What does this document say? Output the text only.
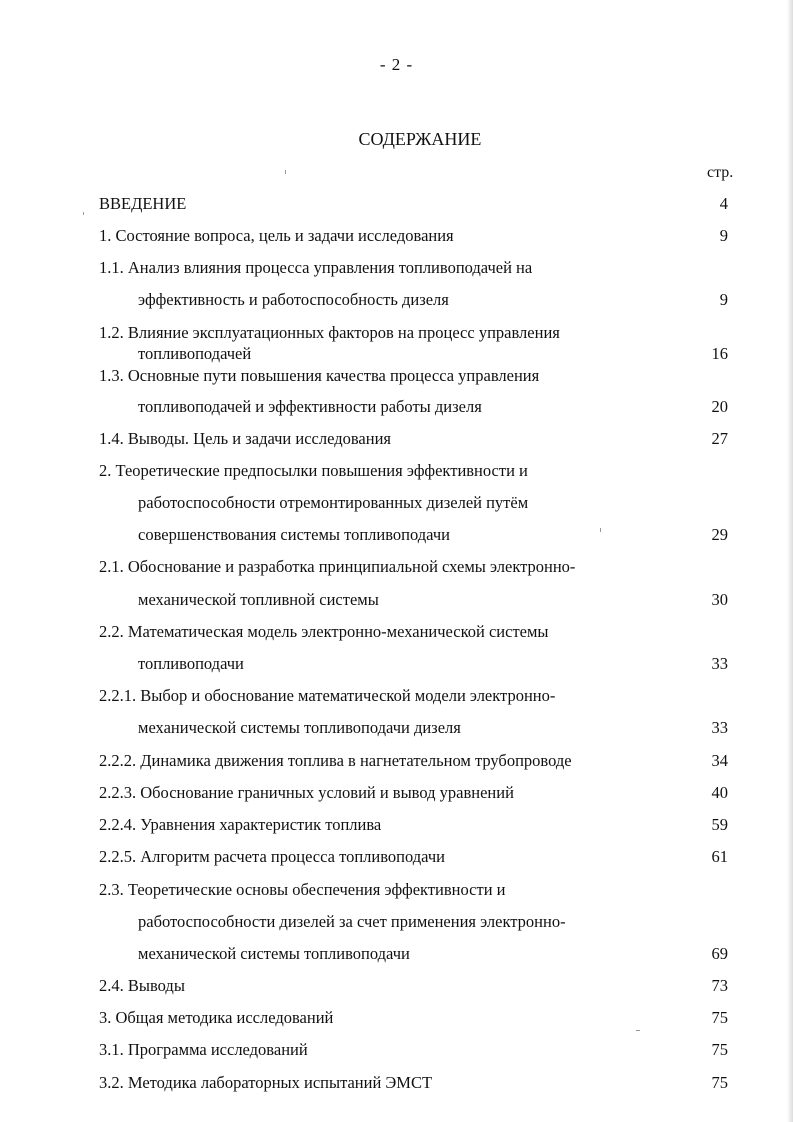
- 2 -
СОДЕРЖАНИЕ
стр.
ВВЕДЕНИЕ	4
1. Состояние вопроса, цель и задачи исследования	9
1.1. Анализ влияния процесса управления топливоподачей на
эффективность и работоспособность дизеля	9
1.2. Влияние эксплуатационных факторов на процесс управления
топливоподачей	16
1.3. Основные пути повышения качества процесса управления
топливоподачей и эффективности работы дизеля	20
1.4. Выводы. Цель и задачи исследования	27
2. Теоретические предпосылки повышения эффективности и
работоспособности отремонтированных дизелей путём
совершенствования системы топливоподачи	29
2.1. Обоснование и разработка принципиальной схемы электронно-
механической топливной системы	30
2.2. Математическая модель электронно-механической системы
топливоподачи	33
2.2.1. Выбор и обоснование математической модели электронно-
механической системы топливоподачи дизеля	33
2.2.2. Динамика движения топлива в нагнетательном трубопроводе	34
2.2.3. Обоснование граничных условий и вывод уравнений	40
2.2.4. Уравнения характеристик топлива	59
2.2.5. Алгоритм расчета процесса топливоподачи	61
2.3. Теоретические основы обеспечения эффективности и
работоспособности дизелей за счет применения электронно-
механической системы топливоподачи	69
2.4. Выводы	73
3. Общая методика исследований	75
3.1. Программа исследований	75
3.2. Методика лабораторных испытаний ЭМСТ	75
